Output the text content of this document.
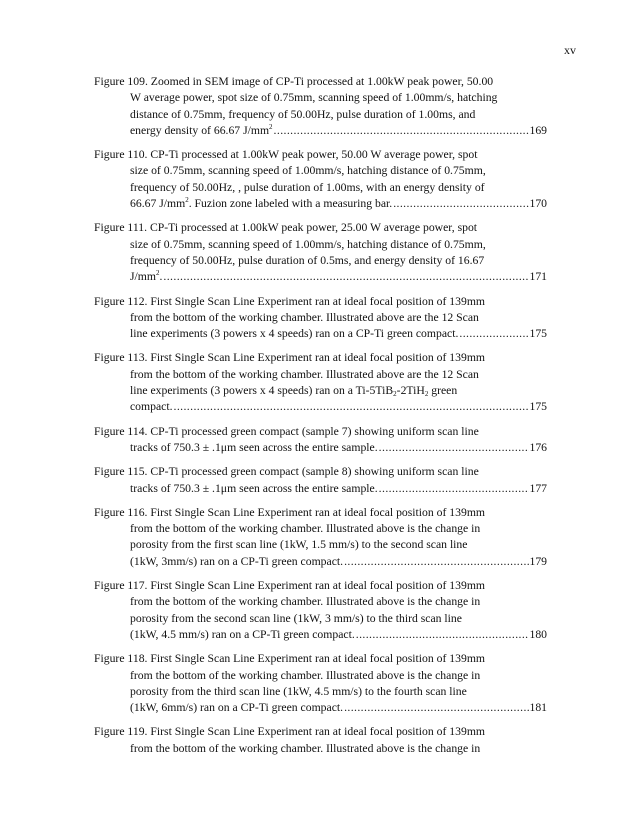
xv
Figure 109. Zoomed in SEM image of CP-Ti processed at 1.00kW peak power, 50.00
W average power, spot size of 0.75mm, scanning speed of 1.00mm/s, hatching
distance of 0.75mm, frequency of 50.00Hz, pulse duration of 1.00ms, and
energy density of 66.67 $J/mm^2$ .....	169
Figure 110. CP-Ti processed at 1.00kW peak power, 50.00 W average power, spot
size of 0.75mm, scanning speed of 1.00mm/s, hatching distance of 0.75mm,
frequency of 50.00Hz, , pulse duration of 1.00ms, with an energy density of
66.67 $J/mm^2$. Fuzion zone labeled with a measuring bar. .....	170
Figure 111. CP-Ti processed at 1.00kW peak power, 25.00 W average power, spot
size of 0.75mm, scanning speed of 1.00mm/s, hatching distance of 0.75mm,
frequency of 50.00Hz, pulse duration of 0.5ms, and energy density of 16.67
$J/mm^2$. .....	171
Figure 112. First Single Scan Line Experiment ran at ideal focal position of 139mm
from the bottom of the working chamber. Illustrated above are the 12 Scan
line experiments (3 powers x 4 speeds) ran on a CP-Ti green compact. .....	175
Figure 113. First Single Scan Line Experiment ran at ideal focal position of 139mm
from the bottom of the working chamber. Illustrated above are the 12 Scan
line experiments (3 powers x 4 speeds) ran on a Ti-5TiB$_2$-2TiH$_2$ green
compact. .....	175
Figure 114. CP-Ti processed green compact (sample 7) showing uniform scan line
tracks of 750.3 ± .1μm seen across the entire sample. .....	176
Figure 115. CP-Ti processed green compact (sample 8) showing uniform scan line
tracks of 750.3 ± .1μm seen across the entire sample. .....	177
Figure 116. First Single Scan Line Experiment ran at ideal focal position of 139mm
from the bottom of the working chamber. Illustrated above is the change in
porosity from the first scan line (1kW, 1.5 mm/s) to the second scan line
(1kW, 3mm/s) ran on a CP-Ti green compact. .....	179
Figure 117. First Single Scan Line Experiment ran at ideal focal position of 139mm
from the bottom of the working chamber. Illustrated above is the change in
porosity from the second scan line (1kW, 3 mm/s) to the third scan line
(1kW, 4.5 mm/s) ran on a CP-Ti green compact. .....	180
Figure 118. First Single Scan Line Experiment ran at ideal focal position of 139mm
from the bottom of the working chamber. Illustrated above is the change in
porosity from the third scan line (1kW, 4.5 mm/s) to the fourth scan line
(1kW, 6mm/s) ran on a CP-Ti green compact. .....	181
Figure 119. First Single Scan Line Experiment ran at ideal focal position of 139mm
from the bottom of the working chamber. Illustrated above is the change in
